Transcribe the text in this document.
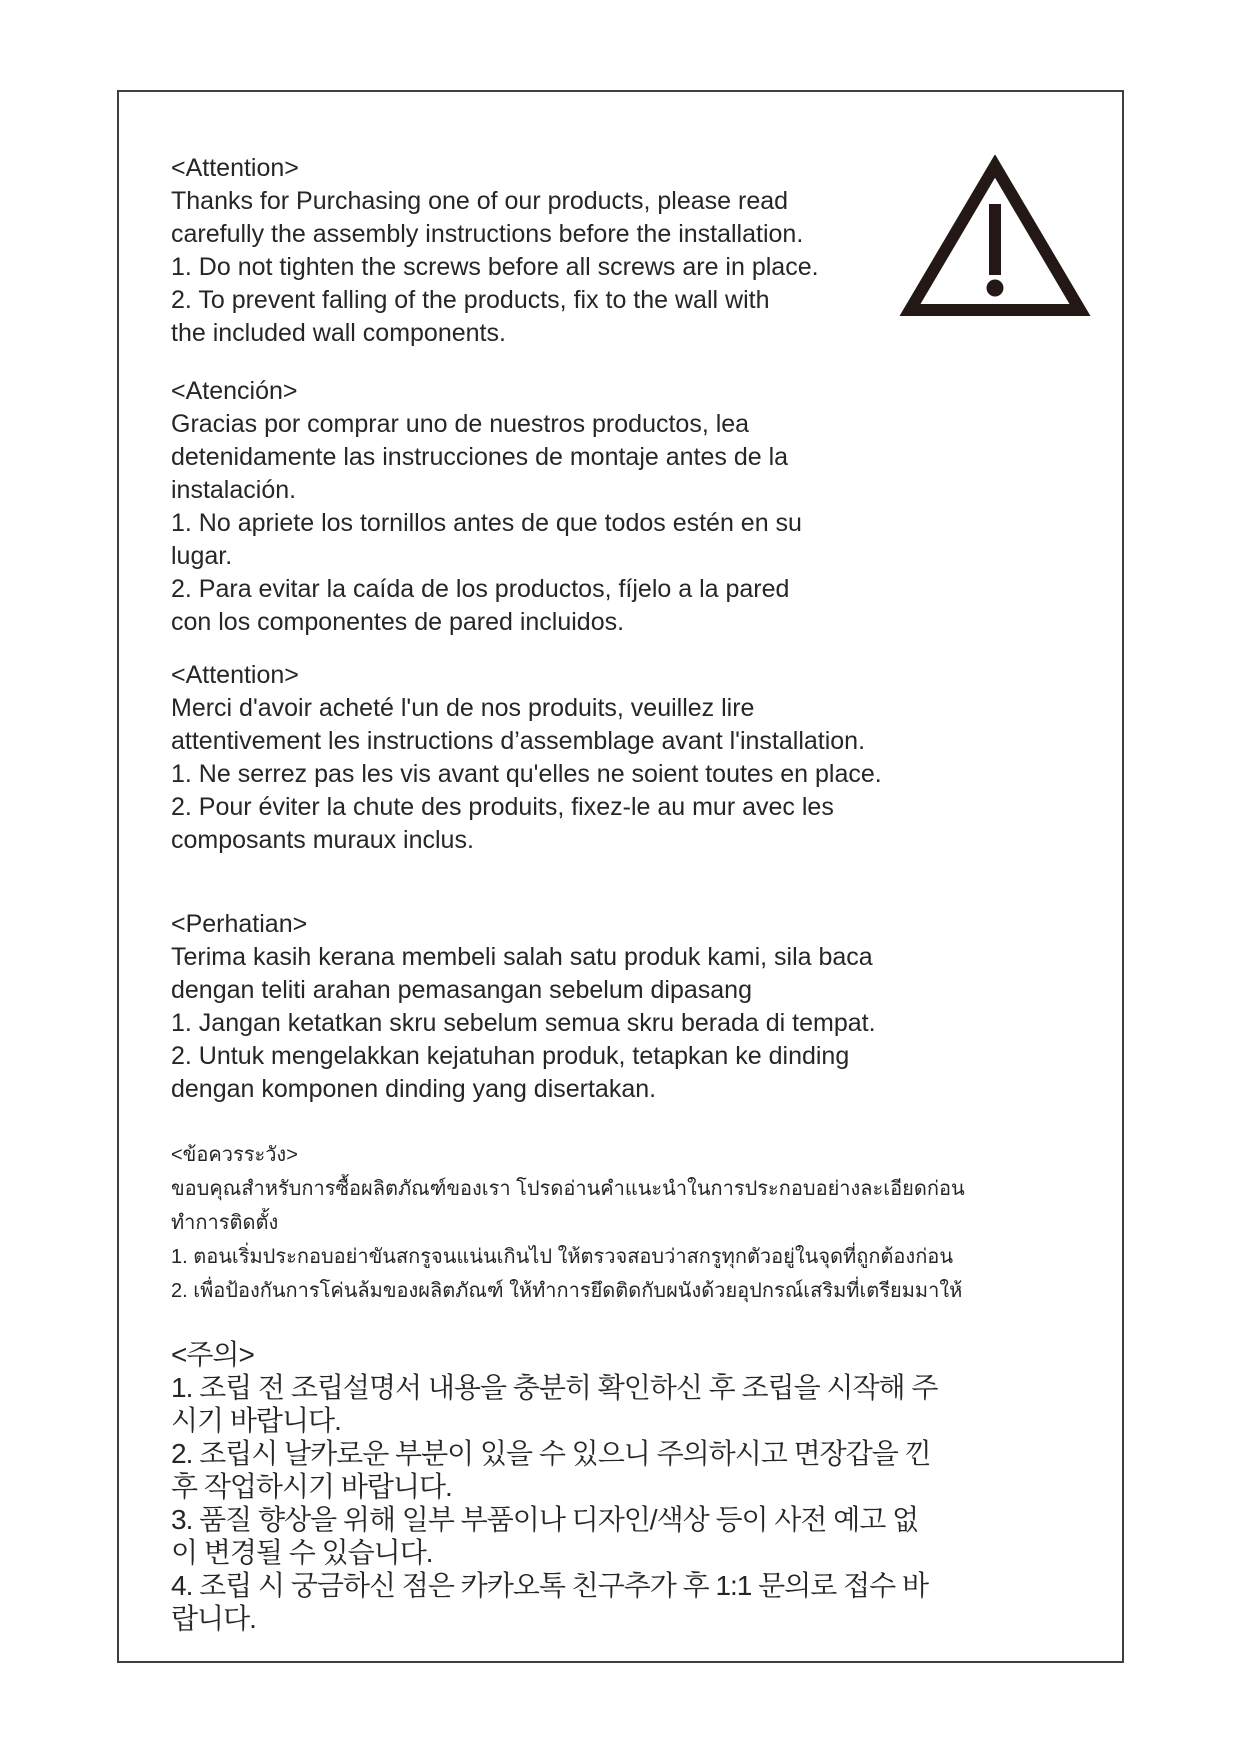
<Attention>
Thanks for Purchasing one of our products, please read
carefully the assembly instructions before the installation.
1. Do not tighten the screws before all screws are in place.
2. To prevent falling of the products, fix to the wall with
the included wall components.
<Atención>
Gracias por comprar uno de nuestros productos, lea
detenidamente las instrucciones de montaje antes de la
instalación.
1. No apriete los tornillos antes de que todos estén en su
lugar.
2. Para evitar la caída de los productos, fíjelo a la pared
con los componentes de pared incluidos.
<Attention>
Merci d'avoir acheté l'un de nos produits, veuillez lire
attentivement les instructions d’assemblage avant l'installation.
1. Ne serrez pas les vis avant qu'elles ne soient toutes en place.
2. Pour éviter la chute des produits, fixez-le au mur avec les
composants muraux inclus.
<Perhatian>
Terima kasih kerana membeli salah satu produk kami, sila baca
dengan teliti arahan pemasangan sebelum dipasang
1. Jangan ketatkan skru sebelum semua skru berada di tempat.
2. Untuk mengelakkan kejatuhan produk, tetapkan ke dinding
dengan komponen dinding yang disertakan.
<ข้อควรระวัง>
ขอบคุณสำหรับการซื้อผลิตภัณฑ์ของเรา โปรดอ่านคำแนะนำในการประกอบอย่างละเอียดก่อน
ทำการติดตั้ง
1. ตอนเริ่มประกอบอย่าขันสกรูจนแน่นเกินไป ให้ตรวจสอบว่าสกรูทุกตัวอยู่ในจุดที่ถูกต้องก่อน
2. เพื่อป้องกันการโค่นล้มของผลิตภัณฑ์ ให้ทำการยึดติดกับผนังด้วยอุปกรณ์เสริมที่เตรียมมาให้
<주의>
1. 조립 전 조립설명서 내용을 충분히 확인하신 후 조립을 시작해 주
시기 바랍니다.
2. 조립시 날카로운 부분이 있을 수 있으니 주의하시고 면장갑을 낀
후 작업하시기 바랍니다.
3. 품질 향상을 위해 일부 부품이나 디자인/색상 등이 사전 예고 없
이 변경될 수 있습니다.
4. 조립 시 궁금하신 점은 카카오톡 친구추가 후 1:1 문의로 접수 바
랍니다.
